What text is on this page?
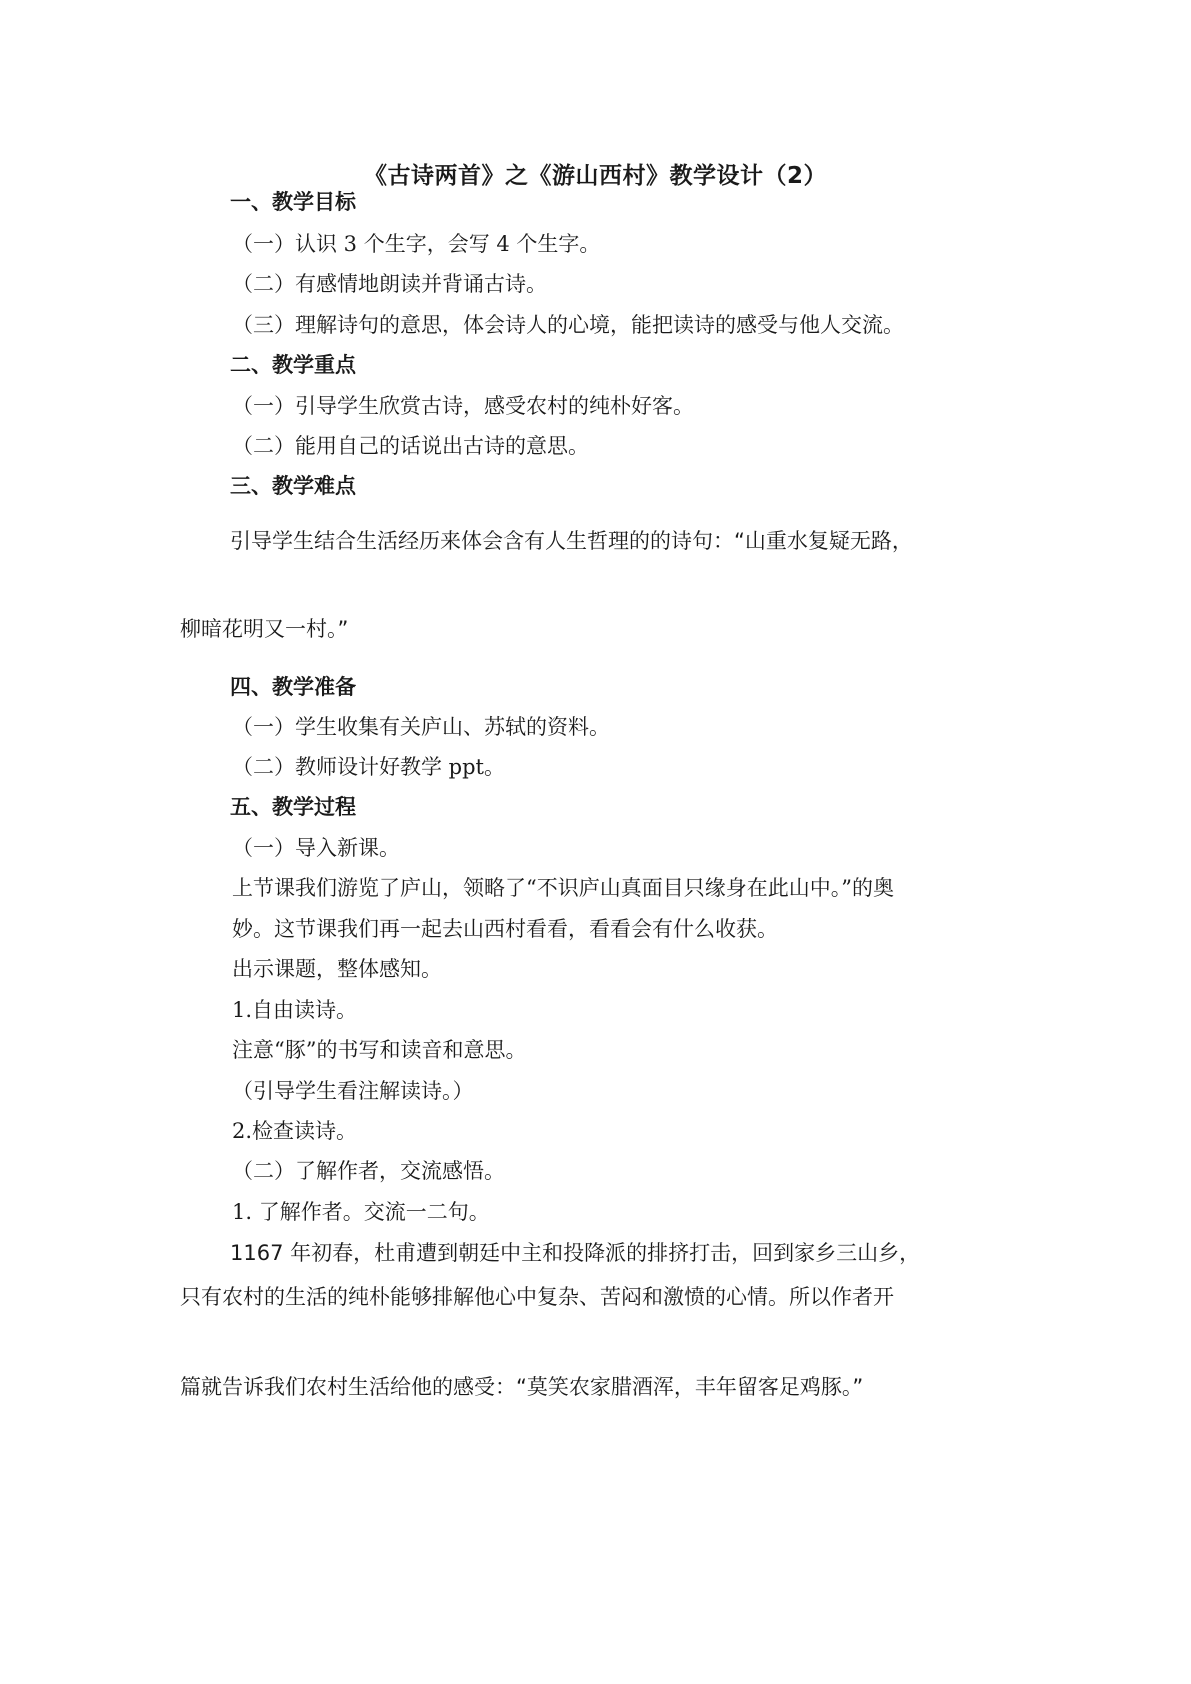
《古诗两首》之《游山西村》教学设计（2）
一、教学目标
（一）认识 3 个生字，会写 4 个生字。
（二）有感情地朗读并背诵古诗。
（三）理解诗句的意思，体会诗人的心境，能把读诗的感受与他人交流。
二、教学重点
（一）引导学生欣赏古诗，感受农村的纯朴好客。
（二）能用自己的话说出古诗的意思。
三、教学难点
引导学生结合生活经历来体会含有人生哲理的的诗句：“山重水复疑无路，
柳暗花明又一村。”
四、教学准备
（一）学生收集有关庐山、苏轼的资料。
（二）教师设计好教学 ppt。
五、教学过程
（一）导入新课。
上节课我们游览了庐山，领略了“不识庐山真面目只缘身在此山中。”的奥
妙。这节课我们再一起去山西村看看，看看会有什么收获。
出示课题，整体感知。
1.自由读诗。
注意“豚”的书写和读音和意思。
（引导学生看注解读诗。）
2.检查读诗。
（二）了解作者，交流感悟。
1. 了解作者。交流一二句。
1167 年初春，杜甫遭到朝廷中主和投降派的排挤打击，回到家乡三山乡，
只有农村的生活的纯朴能够排解他心中复杂、苦闷和激愤的心情。所以作者开
篇就告诉我们农村生活给他的感受：“莫笑农家腊酒浑，丰年留客足鸡豚。”
